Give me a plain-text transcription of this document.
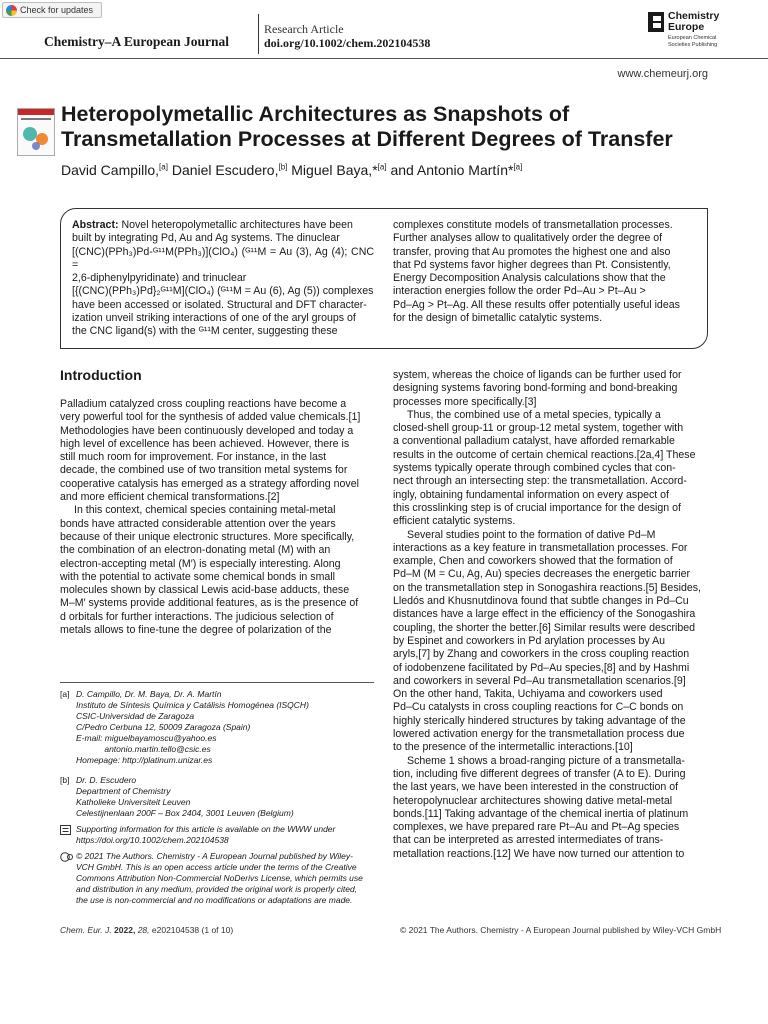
Check for updates
Chemistry–A European Journal
Research Article
doi.org/10.1002/chem.202104538
Chemistry
Europe
European Chemical
Societies Publishing
www.chemeurj.org
Heteropolymetallic Architectures as Snapshots of
Transmetallation Processes at Different Degrees of Transfer
David Campillo,[a] Daniel Escudero,[b] Miguel Baya,*[a] and Antonio Martín*[a]
Abstract: Novel heteropolymetallic architectures have been
built by integrating Pd, Au and Ag systems. The dinuclear
[(CNC)(PPh₃)Pd-ᴳ¹¹M(PPh₃)](ClO₄) (ᴳ¹¹M = Au (3), Ag (4); CNC =
2,6-diphenylpyridinate) and trinuclear
[{(CNC)(PPh₃)Pd}₂ᴳ¹¹M](ClO₄) (ᴳ¹¹M = Au (6), Ag (5)) complexes
have been accessed or isolated. Structural and DFT character-
ization unveil striking interactions of one of the aryl groups of
the CNC ligand(s) with the ᴳ¹¹M center, suggesting these
complexes constitute models of transmetallation processes.
Further analyses allow to qualitatively order the degree of
transfer, proving that Au promotes the highest one and also
that Pd systems favor higher degrees than Pt. Consistently,
Energy Decomposition Analysis calculations show that the
interaction energies follow the order Pd–Au > Pt–Au >
Pd–Ag > Pt–Ag. All these results offer potentially useful ideas
for the design of bimetallic catalytic systems.
Introduction
Palladium catalyzed cross coupling reactions have become a
very powerful tool for the synthesis of added value chemicals.[1]
Methodologies have been continuously developed and today a
high level of excellence has been achieved. However, there is
still much room for improvement. For instance, in the last
decade, the combined use of two transition metal systems for
cooperative catalysis has emerged as a strategy affording novel
and more efficient chemical transformations.[2]
In this context, chemical species containing metal-metal
bonds have attracted considerable attention over the years
because of their unique electronic structures. More specifically,
the combination of an electron-donating metal (M) with an
electron-accepting metal (M′) is especially interesting. Along
with the potential to activate some chemical bonds in small
molecules shown by classical Lewis acid-base adducts, these
M–M′ systems provide additional features, as is the presence of
d orbitals for further interactions. The judicious selection of
metals allows to fine-tune the degree of polarization of the
system, whereas the choice of ligands can be further used for
designing systems favoring bond-forming and bond-breaking
processes more specifically.[3]
Thus, the combined use of a metal species, typically a
closed-shell group-11 or group-12 metal system, together with
a conventional palladium catalyst, have afforded remarkable
results in the outcome of certain chemical reactions.[2a,4] These
systems typically operate through combined cycles that con-
nect through an intersecting step: the transmetallation. Accord-
ingly, obtaining fundamental information on every aspect of
this crosslinking step is of crucial importance for the design of
efficient catalytic systems.
Several studies point to the formation of dative Pd–M
interactions as a key feature in transmetallation processes. For
example, Chen and coworkers showed that the formation of
Pd–M (M = Cu, Ag, Au) species decreases the energetic barrier
on the transmetallation step in Sonogashira reactions.[5] Besides,
Lledós and Khusnutdinova found that subtle changes in Pd–Cu
distances have a large effect in the efficiency of the Sonogashira
coupling, the shorter the better.[6] Similar results were described
by Espinet and coworkers in Pd arylation processes by Au
aryls,[7] by Zhang and coworkers in the cross coupling reaction
of iodobenzene facilitated by Pd–Au species,[8] and by Hashmi
and coworkers in several Pd–Au transmetallation scenarios.[9]
On the other hand, Takita, Uchiyama and coworkers used
Pd–Cu catalysts in cross coupling reactions for C–C bonds on
highly sterically hindered structures by taking advantage of the
lowered activation energy for the transmetallation process due
to the presence of the intermetallic interactions.[10]
Scheme 1 shows a broad-ranging picture of a transmetalla-
tion, including five different degrees of transfer (A to E). During
the last years, we have been interested in the construction of
heteropolynuclear architectures showing dative metal-metal
bonds.[11] Taking advantage of the chemical inertia of platinum
complexes, we have prepared rare Pt–Au and Pt–Ag species
that can be interpreted as arrested intermediates of trans-
metallation reactions.[12] We have now turned our attention to
[a] D. Campillo, Dr. M. Baya, Dr. A. Martín
Instituto de Síntesis Química y Catálisis Homogénea (ISQCH)
CSIC-Universidad de Zaragoza
C/Pedro Cerbuna 12, 50009 Zaragoza (Spain)
E-mail: miguelbayamoscu@yahoo.es
antonio.martin.tello@csic.es
Homepage: http://platinum.unizar.es
[b] Dr. D. Escudero
Department of Chemistry
Katholieke Universiteit Leuven
Celestijnenlaan 200F – Box 2404, 3001 Leuven (Belgium)
Supporting information for this article is available on the WWW under
https://doi.org/10.1002/chem.202104538
© 2021 The Authors. Chemistry - A European Journal published by Wiley-
VCH GmbH. This is an open access article under the terms of the Creative
Commons Attribution Non-Commercial NoDerivs License, which permits use
and distribution in any medium, provided the original work is properly cited,
the use is non-commercial and no modifications or adaptations are made.
Chem. Eur. J. 2022, 28, e202104538 (1 of 10)	© 2021 The Authors. Chemistry - A European Journal published by Wiley-VCH GmbH
